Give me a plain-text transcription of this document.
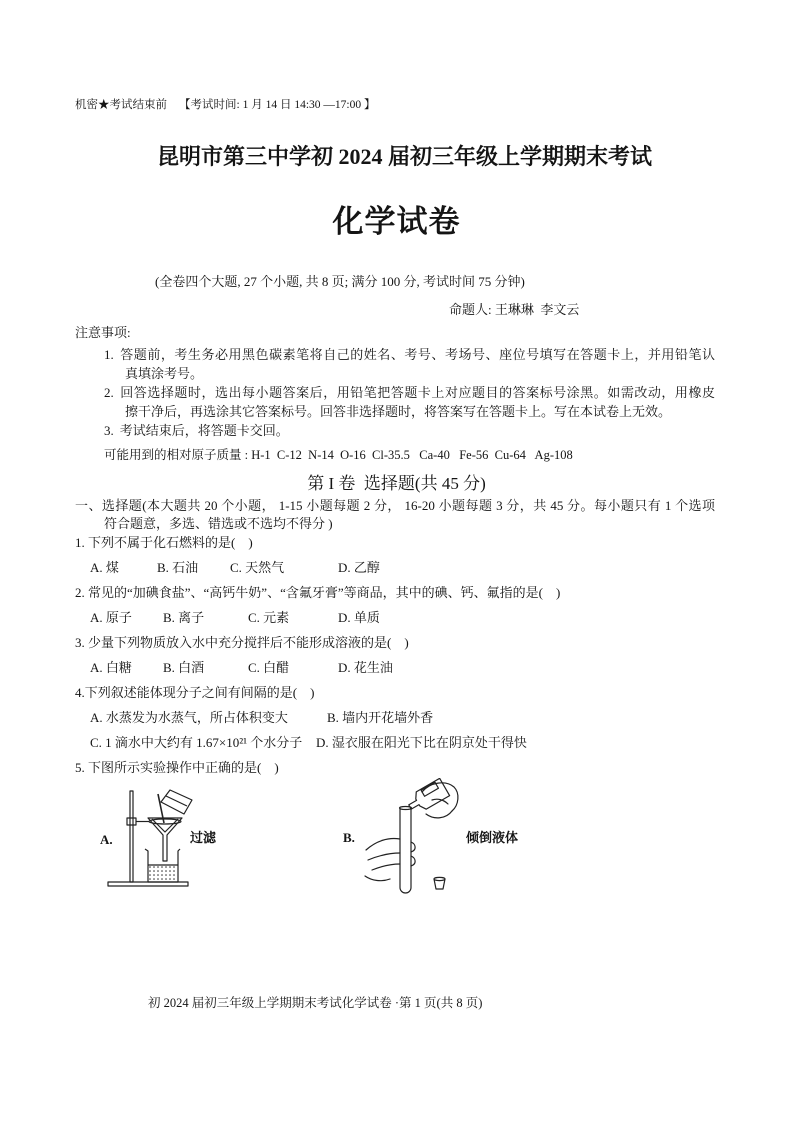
机密★考试结束前 【考试时间: 1 月 14 日 14:30 —17:00 】
昆明市第三中学初 2024 届初三年级上学期期末考试
化学试卷
(全卷四个大题, 27 个小题, 共 8 页; 满分 100 分, 考试时间 75 分钟)
命题人: 王琳琳  李文云
注意事项:
1. 答题前，考生务必用黑色碳素笔将自己的姓名、考号、考场号、座位号填写在答题卡上，并用铅笔认
真填涂考号。
2. 回答选择题时，选出每小题答案后，用铅笔把答题卡上对应题目的答案标号涂黑。如需改动，用橡皮
擦干净后，再选涂其它答案标号。回答非选择题时，将答案写在答题卡上。写在本试卷上无效。
3. 考试结束后，将答题卡交回。
可能用到的相对原子质量 : H-1  C-12  N-14  O-16  Cl-35.5   Ca-40   Fe-56  Cu-64   Ag-108
第 I 卷  选择题(共 45 分)
一、选择题(本大题共 20 个小题， 1-15 小题每题 2 分， 16-20 小题每题 3 分，共 45 分。每小题只有 1 个选项
符合题意，多选、错选或不选均不得分 )
1. 下列不属于化石燃料的是(　)
A. 煤	B. 石油 C. 天然气	D. 乙醇
2. 常见的“加碘食盐”、“高钙牛奶”、“含氟牙膏”等商品，其中的碘、钙、氟指的是(　)
A. 原子 B. 离子	C. 元素	D. 单质
3. 少量下列物质放入水中充分搅拌后不能形成溶液的是(　)
A. 白糖 B. 白酒	C. 白醋	D. 花生油
4.下列叙述能体现分子之间有间隔的是(　)
A. 水蒸发为水蒸气，所占体积变大	B. 墙内开花墙外香
C. 1 滴水中大约有 1.67×10²¹ 个水分子 D. 湿衣服在阳光下比在阴京处干得快
5. 下图所示实验操作中正确的是(　)
A.	过滤	B.	倾倒液体
初 2024 届初三年级上学期期末考试化学试卷 ·第 1 页(共 8 页)
